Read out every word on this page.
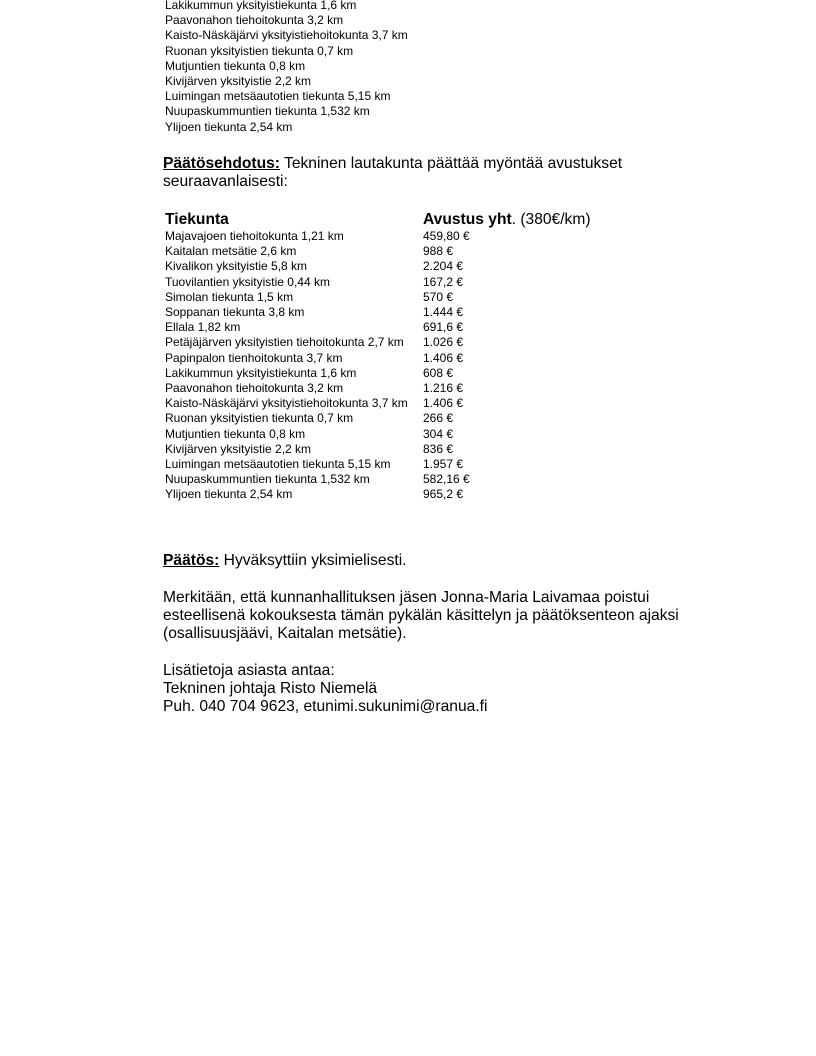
Lakikummun yksityistiekunta 1,6 km
Paavonahon tiehoitokunta 3,2 km
Kaisto-Näskäjärvi yksityistiehoitokunta 3,7 km
Ruonan yksityistien tiekunta 0,7 km
Mutjuntien tiekunta 0,8 km
Kivijärven yksityistie 2,2 km
Luimingan metsäautotien tiekunta 5,15 km
Nuupaskummuntien tiekunta 1,532 km
Ylijoen tiekunta 2,54 km
Päätösehdotus: Tekninen lautakunta päättää myöntää avustukset seuraavanlaisesti:
Tiekunta	Avustus yht. (380€/km)
Majavajoen tiehoitokunta 1,21 km	459,80 €
Kaitalan metsätie 2,6 km	988 €
Kivalikon yksityistie 5,8 km	2.204 €
Tuovilantien yksityistie 0,44 km	167,2 €
Simolan tiekunta 1,5 km	570 €
Soppanan tiekunta 3,8 km	1.444 €
Ellala 1,82 km	691,6 €
Petäjäjärven yksityistien tiehoitokunta 2,7 km	1.026 €
Papinpalon tienhoitokunta 3,7 km	1.406 €
Lakikummun yksityistiekunta 1,6 km	608 €
Paavonahon tiehoitokunta 3,2 km	1.216 €
Kaisto-Näskäjärvi yksityistiehoitokunta 3,7 km	1.406 €
Ruonan yksityistien tiekunta 0,7 km	266 €
Mutjuntien tiekunta 0,8 km	304 €
Kivijärven yksityistie 2,2 km	836 €
Luimingan metsäautotien tiekunta 5,15 km	1.957 €
Nuupaskummuntien tiekunta 1,532 km	582,16 €
Ylijoen tiekunta 2,54 km	965,2 €
Päätös: Hyväksyttiin yksimielisesti.
Merkitään, että kunnanhallituksen jäsen Jonna-Maria Laivamaa poistui esteellisenä kokouksesta tämän pykälän käsittelyn ja päätöksenteon ajaksi (osallisuusjäävi, Kaitalan metsätie).
Lisätietoja asiasta antaa:
Tekninen johtaja Risto Niemelä
Puh. 040 704 9623, etunimi.sukunimi@ranua.fi
